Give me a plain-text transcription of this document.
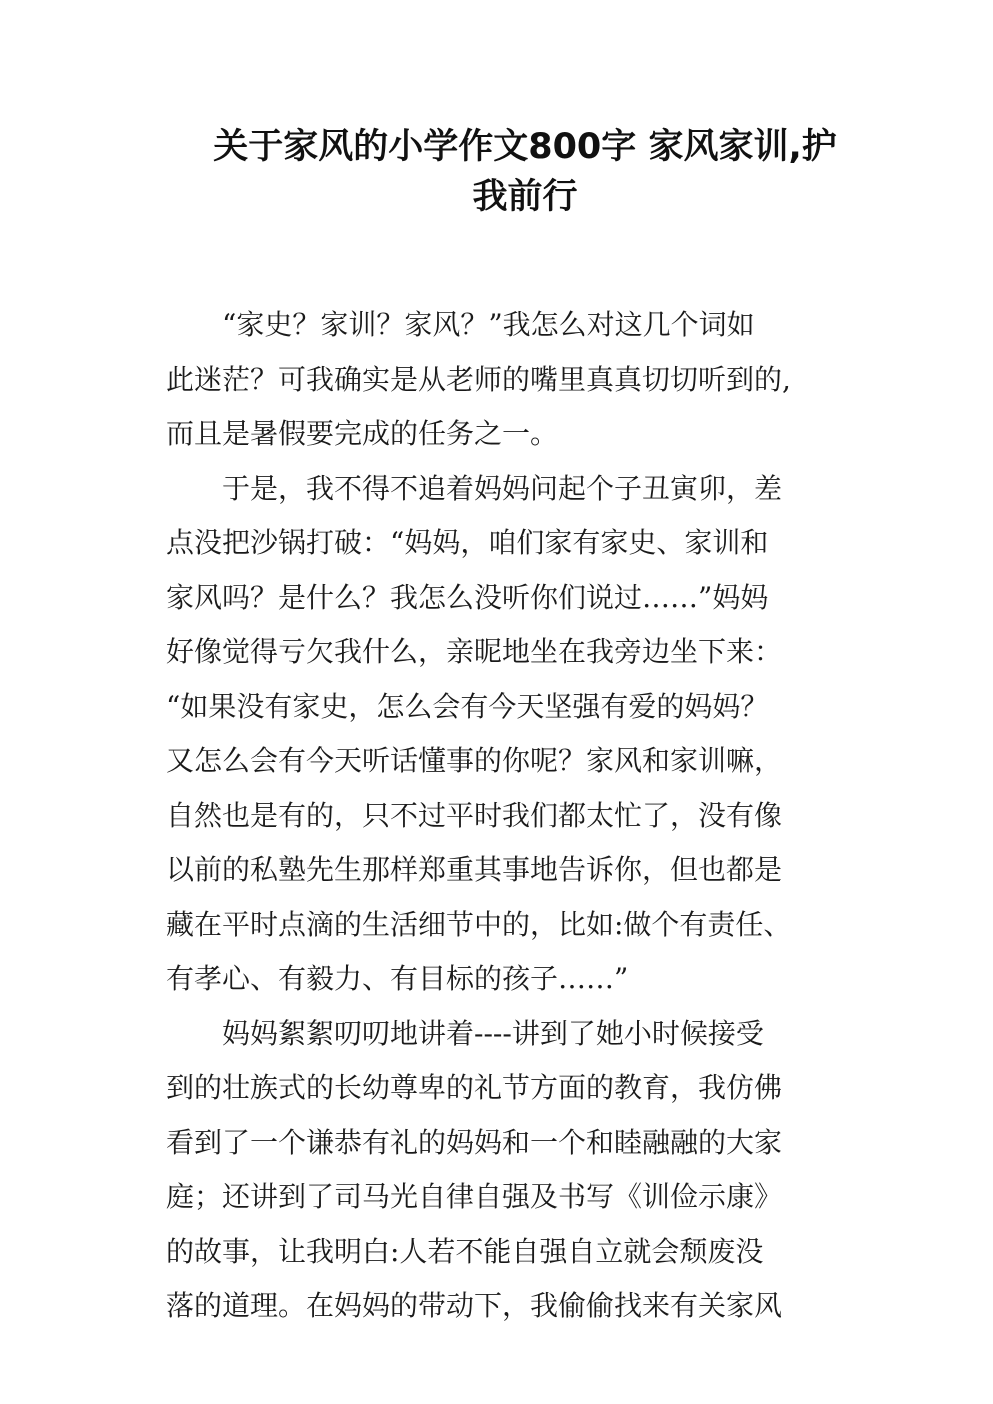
关于家风的小学作文800字 家风家训,护
我前行
“家史？家训？家风？”我怎么对这几个词如
此迷茫？可我确实是从老师的嘴里真真切切听到的,
而且是暑假要完成的任务之一。
于是，我不得不追着妈妈问起个子丑寅卯，差
点没把沙锅打破：“妈妈，咱们家有家史、家训和
家风吗？是什么？我怎么没听你们说过……”妈妈
好像觉得亏欠我什么，亲昵地坐在我旁边坐下来：
“如果没有家史，怎么会有今天坚强有爱的妈妈？
又怎么会有今天听话懂事的你呢？家风和家训嘛，
自然也是有的，只不过平时我们都太忙了，没有像
以前的私塾先生那样郑重其事地告诉你，但也都是
藏在平时点滴的生活细节中的，比如:做个有责任、
有孝心、有毅力、有目标的孩子……”
妈妈絮絮叨叨地讲着----讲到了她小时候接受
到的壮族式的长幼尊卑的礼节方面的教育，我仿佛
看到了一个谦恭有礼的妈妈和一个和睦融融的大家
庭；还讲到了司马光自律自强及书写《训俭示康》
的故事，让我明白:人若不能自强自立就会颓废没
落的道理。在妈妈的带动下，我偷偷找来有关家风
